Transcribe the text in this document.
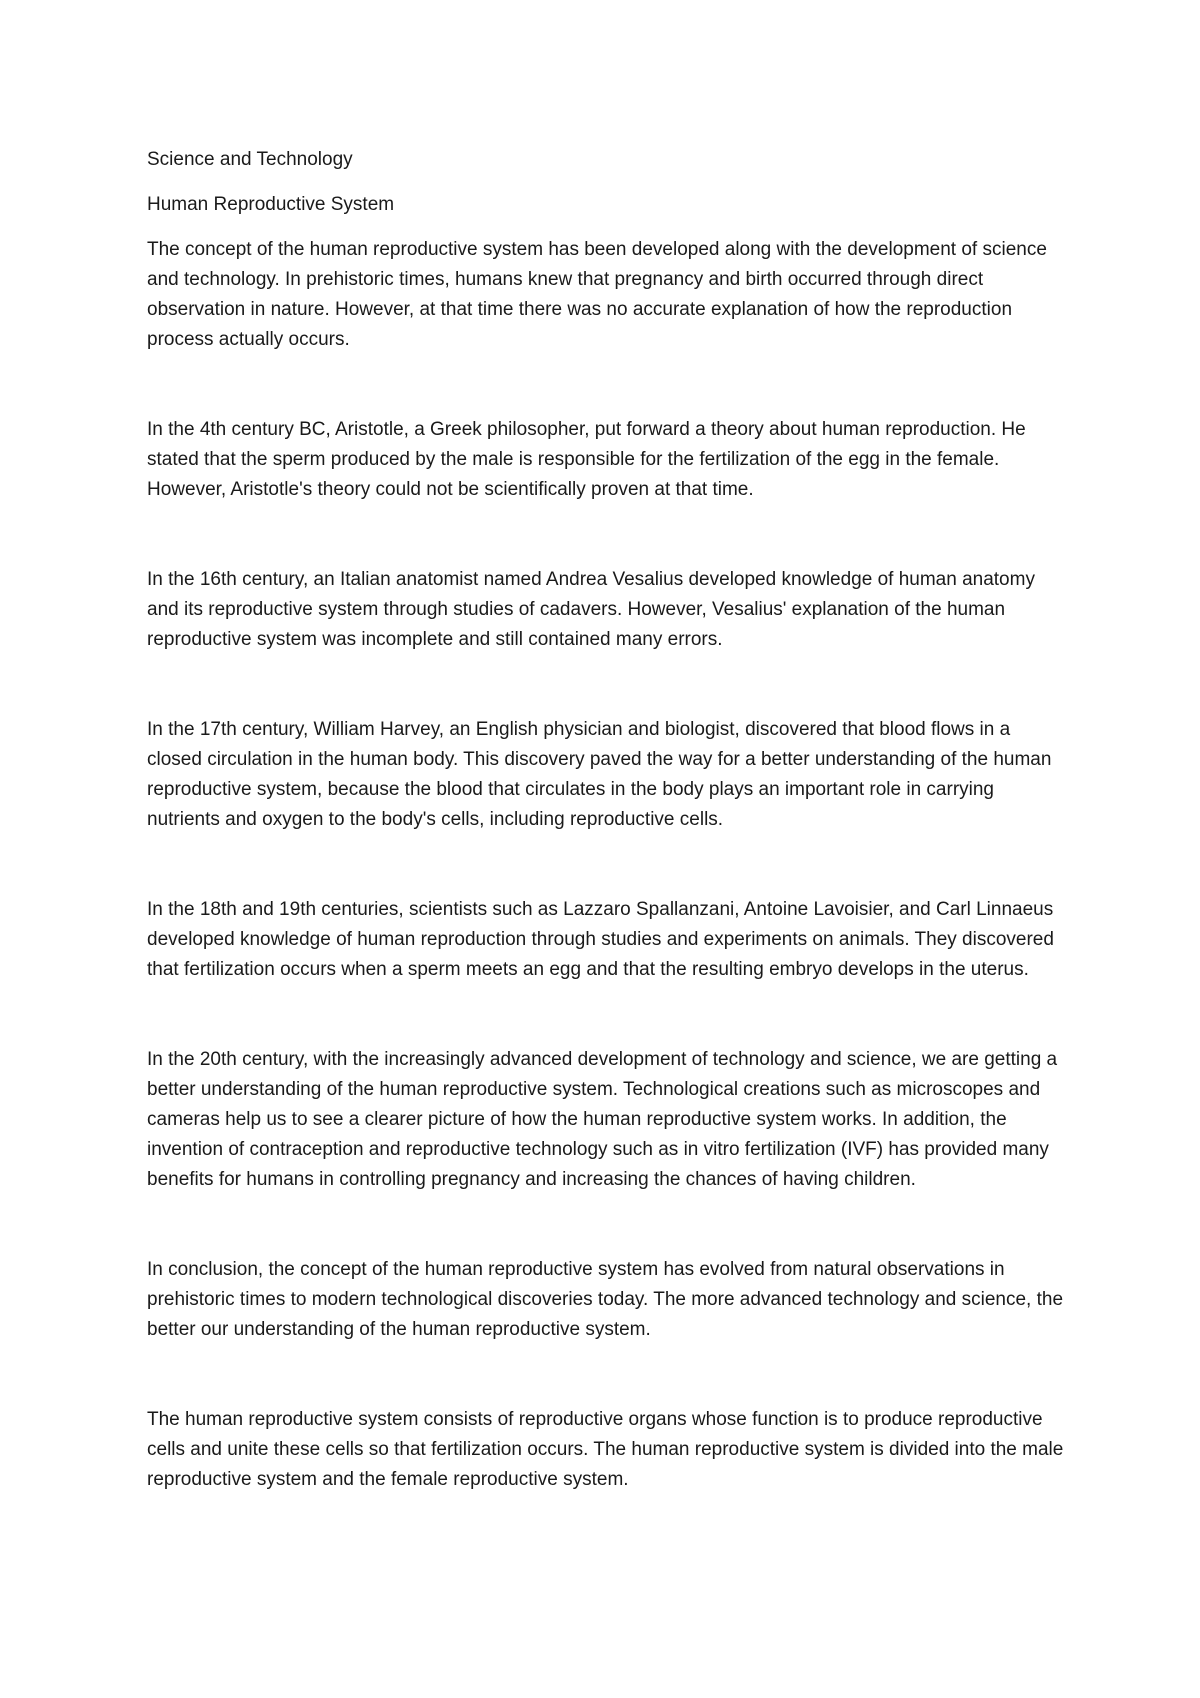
Science and Technology

Human Reproductive System

The concept of the human reproductive system has been developed along with the development of science and technology. In prehistoric times, humans knew that pregnancy and birth occurred through direct observation in nature. However, at that time there was no accurate explanation of how the reproduction process actually occurs.

In the 4th century BC, Aristotle, a Greek philosopher, put forward a theory about human reproduction. He stated that the sperm produced by the male is responsible for the fertilization of the egg in the female. However, Aristotle's theory could not be scientifically proven at that time.

In the 16th century, an Italian anatomist named Andrea Vesalius developed knowledge of human anatomy and its reproductive system through studies of cadavers. However, Vesalius' explanation of the human reproductive system was incomplete and still contained many errors.

In the 17th century, William Harvey, an English physician and biologist, discovered that blood flows in a closed circulation in the human body. This discovery paved the way for a better understanding of the human reproductive system, because the blood that circulates in the body plays an important role in carrying nutrients and oxygen to the body's cells, including reproductive cells.

In the 18th and 19th centuries, scientists such as Lazzaro Spallanzani, Antoine Lavoisier, and Carl Linnaeus developed knowledge of human reproduction through studies and experiments on animals. They discovered that fertilization occurs when a sperm meets an egg and that the resulting embryo develops in the uterus.

In the 20th century, with the increasingly advanced development of technology and science, we are getting a better understanding of the human reproductive system. Technological creations such as microscopes and cameras help us to see a clearer picture of how the human reproductive system works. In addition, the invention of contraception and reproductive technology such as in vitro fertilization (IVF) has provided many benefits for humans in controlling pregnancy and increasing the chances of having children.

In conclusion, the concept of the human reproductive system has evolved from natural observations in prehistoric times to modern technological discoveries today. The more advanced technology and science, the better our understanding of the human reproductive system.

The human reproductive system consists of reproductive organs whose function is to produce reproductive cells and unite these cells so that fertilization occurs. The human reproductive system is divided into the male reproductive system and the female reproductive system.
